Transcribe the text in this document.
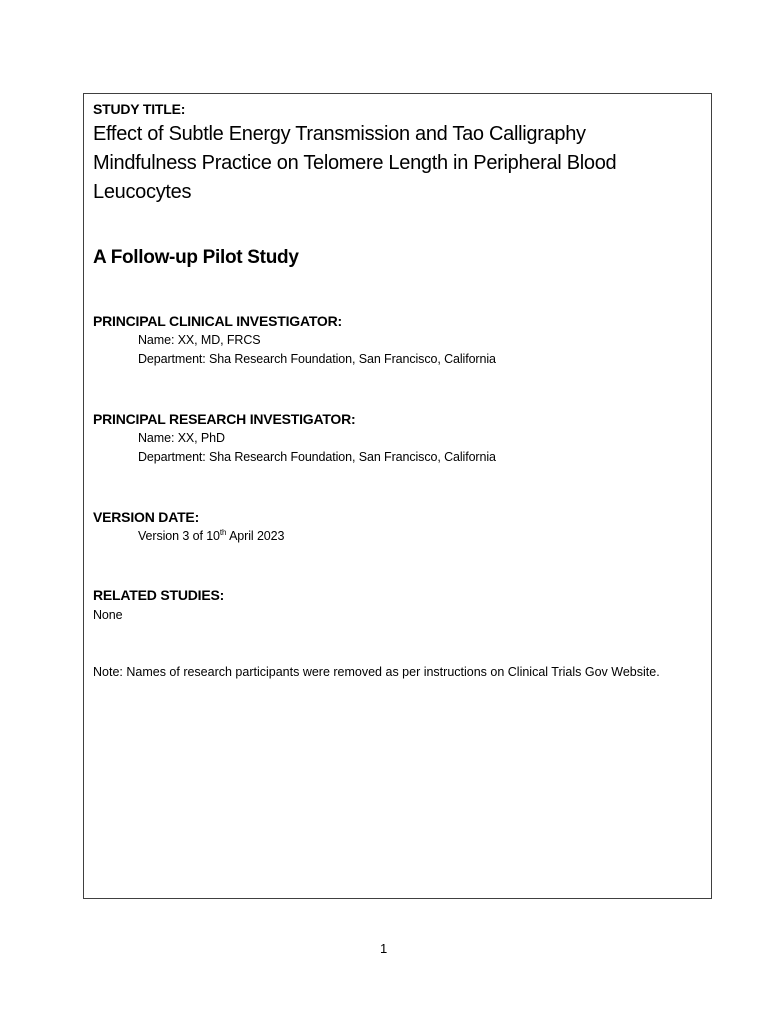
STUDY TITLE:
Effect of Subtle Energy Transmission and Tao Calligraphy
Mindfulness Practice on Telomere Length in Peripheral Blood
Leucocytes
A Follow-up Pilot Study
PRINCIPAL CLINICAL INVESTIGATOR:
Name: XX, MD, FRCS
Department: Sha Research Foundation, San Francisco, California
PRINCIPAL RESEARCH INVESTIGATOR:
Name: XX, PhD
Department: Sha Research Foundation, San Francisco, California
VERSION DATE:
Version 3 of 10th April 2023
RELATED STUDIES:
None
Note: Names of research participants were removed as per instructions on Clinical Trials Gov Website.
1
